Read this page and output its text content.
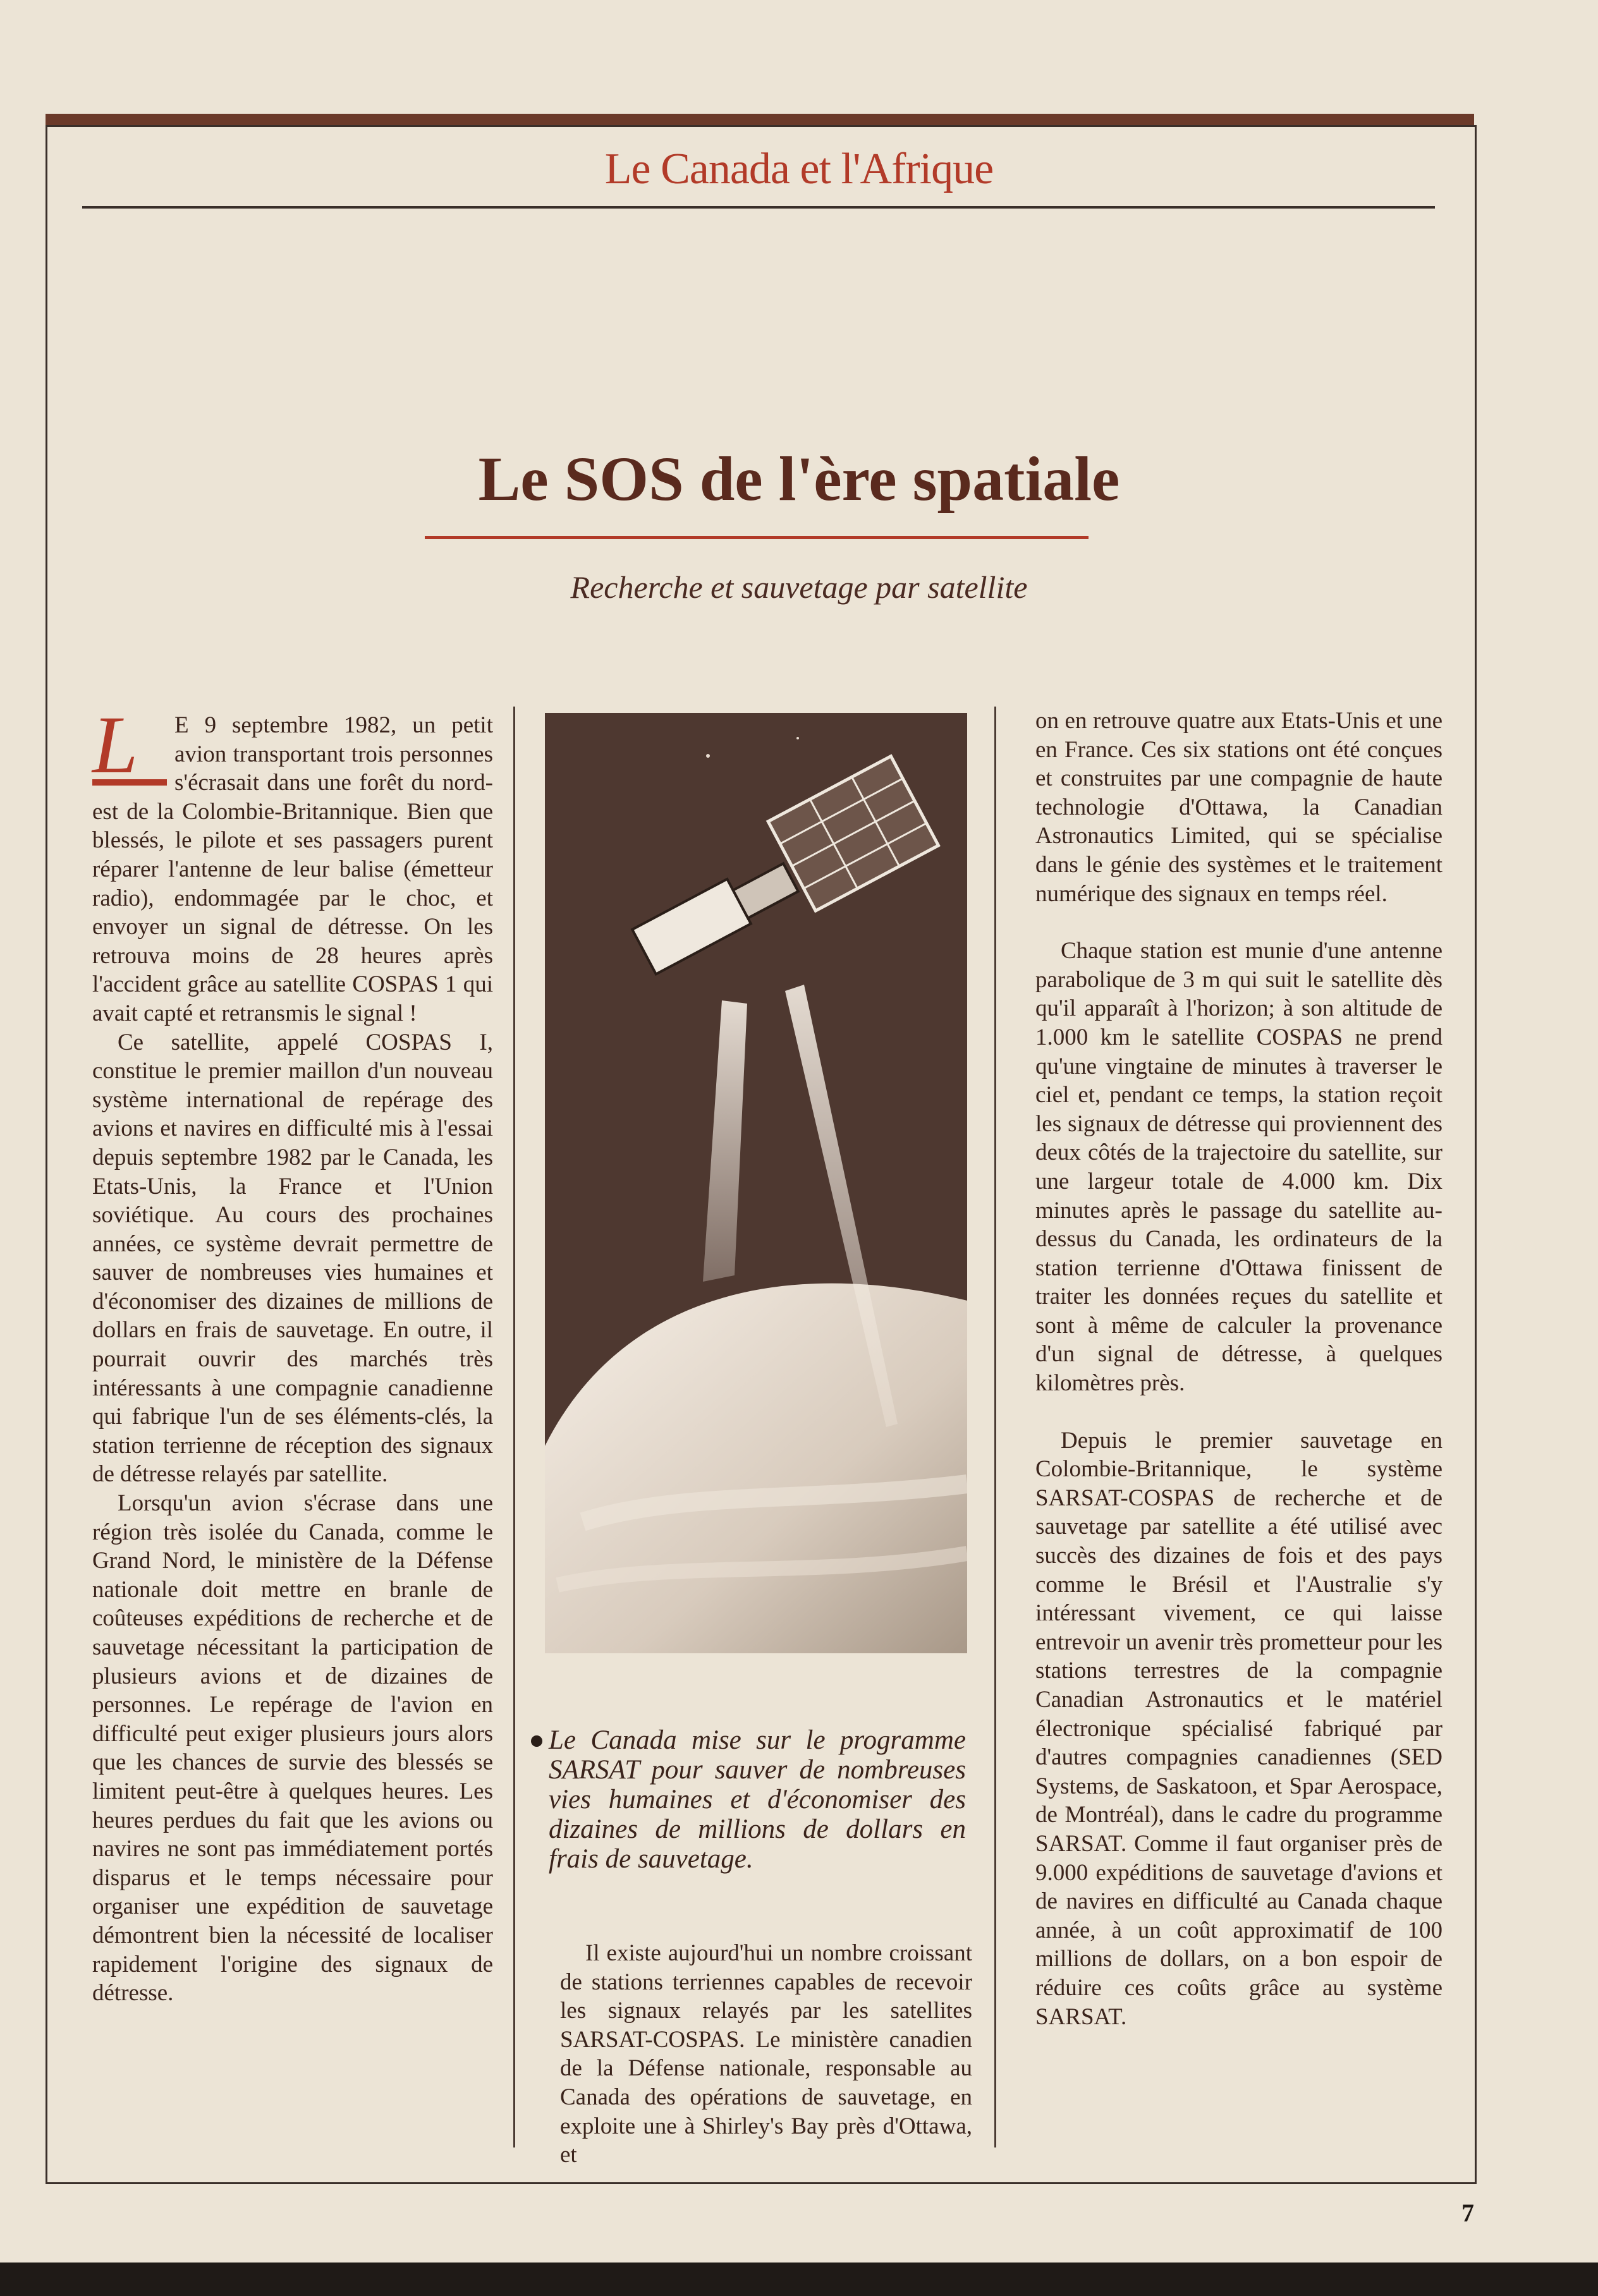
Le Canada et l'Afrique
Le SOS de l'ère spatiale
Recherche et sauvetage par satellite
L	E 9 septembre 1982, un petit avion transportant trois personnes s'écrasait dans une forêt du nord-est de la Colombie-Britannique. Bien que blessés, le pilote et ses passagers purent réparer l'antenne de leur balise (émetteur radio), endommagée par le choc, et envoyer un signal de détresse. On les retrouva moins de 28 heures après l'accident grâce au satellite COSPAS 1 qui avait capté et retransmis le signal !

Ce satellite, appelé COSPAS I, constitue le premier maillon d'un nouveau système international de repérage des avions et navires en difficulté mis à l'essai depuis septembre 1982 par le Canada, les Etats-Unis, la France et l'Union soviétique. Au cours des prochaines années, ce système devrait permettre de sauver de nombreuses vies humaines et d'économiser des dizaines de millions de dollars en frais de sauvetage. En outre, il pourrait ouvrir des marchés très intéressants à une compagnie canadienne qui fabrique l'un de ses éléments-clés, la station terrienne de réception des signaux de détresse relayés par satellite.

Lorsqu'un avion s'écrase dans une région très isolée du Canada, comme le Grand Nord, le ministère de la Défense nationale doit mettre en branle de coûteuses expéditions de recherche et de sauvetage nécessitant la participation de plusieurs avions et de dizaines de personnes. Le repérage de l'avion en difficulté peut exiger plusieurs jours alors que les chances de survie des blessés se limitent peut-être à quelques heures. Les heures perdues du fait que les avions ou navires ne sont pas immédiatement portés disparus et le temps nécessaire pour organiser une expédition de sauvetage démontrent bien la nécessité de localiser rapidement l'origine des signaux de détresse.

Le Canada mise sur le programme SARSAT pour sauver de nombreuses vies humaines et d'économiser des dizaines de millions de dollars en frais de sauvetage.

Il existe aujourd'hui un nombre croissant de stations terriennes capables de recevoir les signaux relayés par les satellites SARSAT-COSPAS. Le ministère canadien de la Défense nationale, responsable au Canada des opérations de sauvetage, en exploite une à Shirley's Bay près d'Ottawa, et

on en retrouve quatre aux Etats-Unis et une en France. Ces six stations ont été conçues et construites par une compagnie de haute technologie d'Ottawa, la Canadian Astronautics Limited, qui se spécialise dans le génie des systèmes et le traitement numérique des signaux en temps réel.

Chaque station est munie d'une antenne parabolique de 3 m qui suit le satellite dès qu'il apparaît à l'horizon; à son altitude de 1.000 km le satellite COSPAS ne prend qu'une vingtaine de minutes à traverser le ciel et, pendant ce temps, la station reçoit les signaux de détresse qui proviennent des deux côtés de la trajectoire du satellite, sur une largeur totale de 4.000 km. Dix minutes après le passage du satellite au-dessus du Canada, les ordinateurs de la station terrienne d'Ottawa finissent de traiter les données reçues du satellite et sont à même de calculer la provenance d'un signal de détresse, à quelques kilomètres près.

Depuis le premier sauvetage en Colombie-Britannique, le système SARSAT-COSPAS de recherche et de sauvetage par satellite a été utilisé avec succès des dizaines de fois et des pays comme le Brésil et l'Australie s'y intéressant vivement, ce qui laisse entrevoir un avenir très prometteur pour les stations terrestres de la compagnie Canadian Astronautics et le matériel électronique spécialisé fabriqué par d'autres compagnies canadiennes (SED Systems, de Saskatoon, et Spar Aerospace, de Montréal), dans le cadre du programme SARSAT. Comme il faut organiser près de 9.000 expéditions de sauvetage d'avions et de navires en difficulté au Canada chaque année, à un coût approximatif de 100 millions de dollars, on a bon espoir de réduire ces coûts grâce au système SARSAT.

7
